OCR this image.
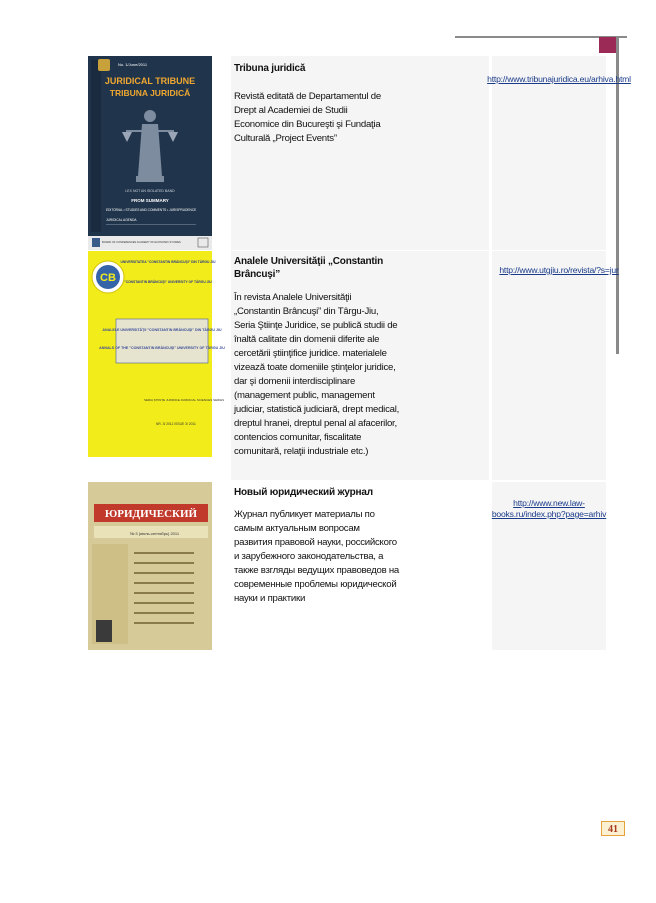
No. 1/June/2011
JURIDICAL TRIBUNE
TRIBUNA JURIDICĂ
LEX NOT AN ISOLATED BAND
FROM SUMMARY
EDITORIAL • STUDIES AND COMMENTS • JURISPRUDENCE
JURIDICAL AGENDA
BOARD OF CONFERENCES ACADEMY OF ECONOMIC STUDIES

Tribuna juridică

Revistă editată de Departamentul de Drept al Academiei de Studii Economice din Bucureşti şi Fundaţia Culturală „Project Events”

http://www.tribunajuridica.eu/arhiva.html
CB
UNIVERSITATEA "CONSTANTIN BRÂNCUŞI" DIN TÂRGU JIU
"CONSTANTIN BRÂNCUŞI" UNIVERSITY OF TÂRGU JIU
ANALELE UNIVERSITĂŢII "CONSTANTIN BRÂNCUŞI" DIN TÂRGU JIU
ANNALS OF THE "CONSTANTIN BRÂNCUŞI" UNIVERSITY OF TÂRGU JIU
SERIA ŞTIINŢE JURIDICE JURIDICAL SCIENCES SERIES
NR. 3/ 2011 ISSUE 3/ 2011

Analele Universităţii „Constantin Brâncuşi”

În revista Analele Universităţii „Constantin Brâncuşi” din Târgu-Jiu, Seria Ştiinţe Juridice, se publică studii de înaltă calitate din domenii diferite ale cercetării ştiinţifice juridice. materialele vizează toate domeniile ştinţelor juridice, dar şi domenii interdisciplinare (management public, management judiciar, statistică judiciară, drept medical, dreptul hranei, dreptul penal al afacerilor, contencios comunitar, fiscalitate comunitară, relaţii industriale etc.)

http://www.utgjiu.ro/revista/?s=jur
ЮРИДИЧЕСКИЙ
№ 3 (июль-сентябрь) 2011

Новый юридический журнал

Журнал публикует материалы по самым актуальным вопросам развития правовой науки, российского и зарубежного законодательства, а также взгляды ведущих правоведов на современные проблемы юридической науки и практики

http://www.new.law-books.ru/index.php?page=arhiv
41
